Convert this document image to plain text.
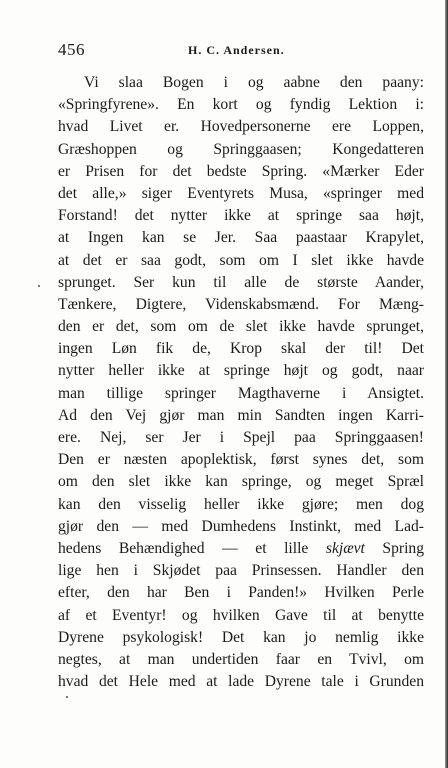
456	H. C. Andersen.
Vi slaa Bogen i og aabne den paany:
«Springfyrene». En kort og fyndig Lektion i:
hvad Livet er. Hovedpersonerne ere Loppen,
Græshoppen og Springgaasen; Kongedatteren
er Prisen for det bedste Spring. «Mærker Eder
det alle,» siger Eventyrets Musa, «springer med
Forstand! det nytter ikke at springe saa højt,
at Ingen kan se Jer. Saa paastaar Krapylet,
at det er saa godt, som om I slet ikke havde
sprunget. Ser kun til alle de største Aander,
Tænkere, Digtere, Videnskabsmænd. For Mæng-
den er det, som om de slet ikke havde sprunget,
ingen Løn fik de, Krop skal der til! Det
nytter heller ikke at springe højt og godt, naar
man tillige springer Magthaverne i Ansigtet.
Ad den Vej gjør man min Sandten ingen Karri-
ere. Nej, ser Jer i Spejl paa Springgaasen!
Den er næsten apoplektisk, først synes det, som
om den slet ikke kan springe, og meget Spræl
kan den visselig heller ikke gjøre; men dog
gjør den — med Dumhedens Instinkt, med Lad-
hedens Behændighed — et lille skjævt Spring
lige hen i Skjødet paa Prinsessen. Handler den
efter, den har Ben i Panden!» Hvilken Perle
af et Eventyr! og hvilken Gave til at benytte
Dyrene psykologisk! Det kan jo nemlig ikke
negtes, at man undertiden faar en Tvivl, om
hvad det Hele med at lade Dyrene tale i Grunden
